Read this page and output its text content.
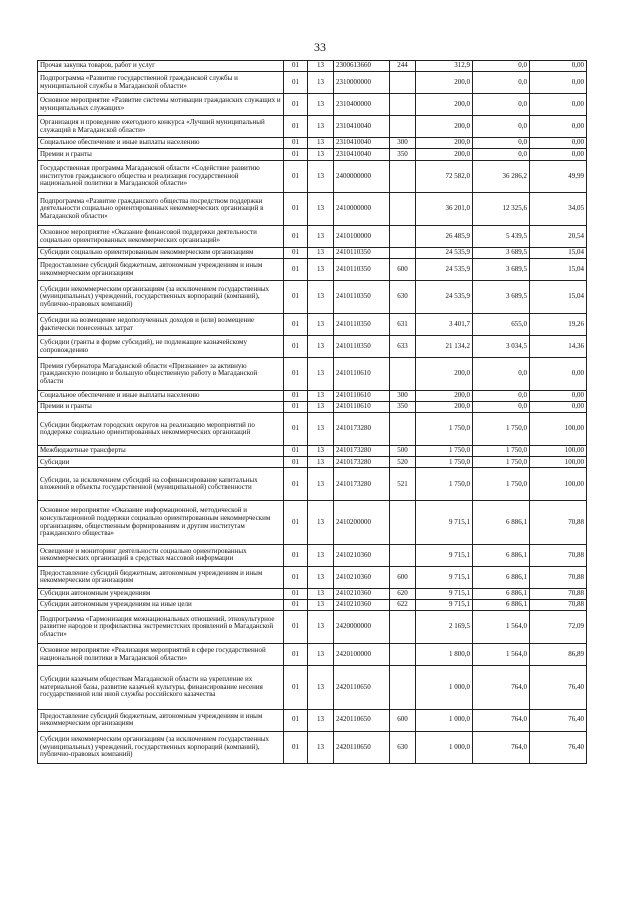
33
Прочая закупка товаров, работ и услуг	01	13	2300613660	244	312,9	0,0	0,00
Подпрограмма «Развитие государственной гражданской службы и муниципальной службы в Магаданской области»	01	13	2310000000		200,0	0,0	0,00
Основное мероприятие «Развитие системы мотивации гражданских служащих и муниципальных служащих»	01	13	2310400000		200,0	0,0	0,00
Организация и проведение ежегодного конкурса «Лучший муниципальный служащий в Магаданской области»	01	13	2310410040		200,0	0,0	0,00
Социальное обеспечение и иные выплаты населению	01	13	2310410040	300	200,0	0,0	0,00
Премии и гранты	01	13	2310410040	350	200,0	0,0	0,00
Государственная программа Магаданской области «Содействие развитию институтов гражданского общества и реализация государственной национальной политики в Магаданской области»	01	13	2400000000		72 582,0	36 286,2	49,99
Подпрограмма «Развитие гражданского общества посредством поддержки деятельности социально ориентированных некоммерческих организаций в Магаданской области»	01	13	2410000000		36 201,0	12 325,6	34,05
Основное мероприятие «Оказание финансовой поддержки деятельности социально ориентированных некоммерческих организаций»	01	13	2410100000		26 485,9	5 439,5	20,54
Субсидии социально ориентированным некоммерческим организациям	01	13	2410110350		24 535,9	3 689,5	15,04
Предоставление субсидий бюджетным, автономным учреждениям и иным некоммерческим организациям	01	13	2410110350	600	24 535,9	3 689,5	15,04
Субсидии некоммерческим организациям (за исключением государственных (муниципальных) учреждений, государственных корпораций (компаний), публично-правовых компаний)	01	13	2410110350	630	24 535,9	3 689,5	15,04
Субсидии на возмещение недополученных доходов и (или) возмещение фактически понесенных затрат	01	13	2410110350	631	3 401,7	655,0	19,26
Субсидии (гранты в форме субсидий), не подлежащие казначейскому сопровождению	01	13	2410110350	633	21 134,2	3 034,5	14,36
Премия губернатора Магаданской области «Признание» за активную гражданскую позицию и большую общественную работу в Магаданской области	01	13	2410110610		200,0	0,0	0,00
Социальное обеспечение и иные выплаты населению	01	13	2410110610	300	200,0	0,0	0,00
Премии и гранты	01	13	2410110610	350	200,0	0,0	0,00
Субсидии бюджетам городских округов на реализацию мероприятий по поддержке социально ориентированных некоммерческих организаций	01	13	2410173280		1 750,0	1 750,0	100,00
Межбюджетные трансферты	01	13	2410173280	500	1 750,0	1 750,0	100,00
Субсидии	01	13	2410173280	520	1 750,0	1 750,0	100,00
Субсидии, за исключением субсидий на софинансирование капитальных вложений в объекты государственной (муниципальной) собственности	01	13	2410173280	521	1 750,0	1 750,0	100,00
Основное мероприятие «Оказание информационной, методической и консультационной поддержки социально ориентированным некоммерческим организациям, общественным формированиям и другим институтам гражданского общества»	01	13	2410200000		9 715,1	6 886,1	70,88
Освещение и мониторинг деятельности социально ориентированных некоммерческих организаций в средствах массовой информации	01	13	2410210360		9 715,1	6 886,1	70,88
Предоставление субсидий бюджетным, автономным учреждениям и иным некоммерческим организациям	01	13	2410210360	600	9 715,1	6 886,1	70,88
Субсидии автономным учреждениям	01	13	2410210360	620	9 715,1	6 886,1	70,88
Субсидии автономным учреждениям на иные цели	01	13	2410210360	622	9 715,1	6 886,1	70,88
Подпрограмма «Гармонизация межнациональных отношений, этнокультурное развитие народов и профилактика экстремистских проявлений в Магаданской области»	01	13	2420000000		2 169,5	1 564,0	72,09
Основное мероприятие «Реализация мероприятий в сфере государственной национальной политики в Магаданской области»	01	13	2420100000		1 800,0	1 564,0	86,89
Субсидии казачьим обществам Магаданской области на укрепление их материальной базы, развитие казачьей культуры, финансирование несения государственной или иной службы российского казачества	01	13	2420110650		1 000,0	764,0	76,40
Предоставление субсидий бюджетным, автономным учреждениям и иным некоммерческим организациям	01	13	2420110650	600	1 000,0	764,0	76,40
Субсидии некоммерческим организациям (за исключением государственных (муниципальных) учреждений, государственных корпораций (компаний), публично-правовых компаний)	01	13	2420110650	630	1 000,0	764,0	76,40
